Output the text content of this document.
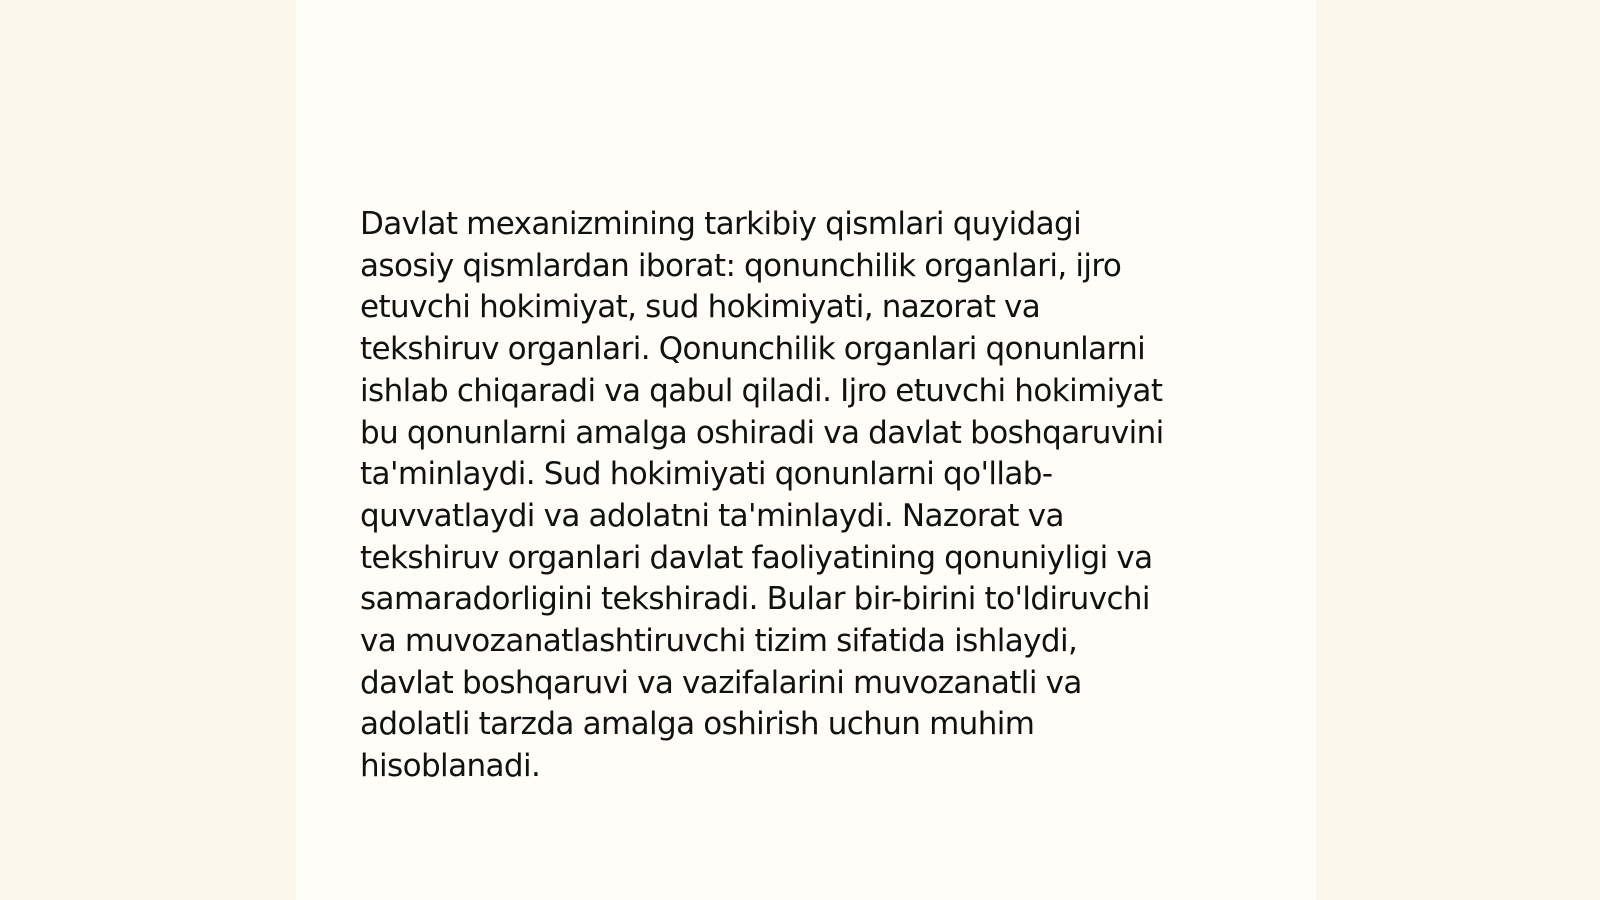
Davlat mexanizmining tarkibiy qismlari quyidagi
asosiy qismlardan iborat: qonunchilik organlari, ijro
etuvchi hokimiyat, sud hokimiyati, nazorat va
tekshiruv organlari. Qonunchilik organlari qonunlarni
ishlab chiqaradi va qabul qiladi. Ijro etuvchi hokimiyat
bu qonunlarni amalga oshiradi va davlat boshqaruvini
ta'minlaydi. Sud hokimiyati qonunlarni qo'llab-
quvvatlaydi va adolatni ta'minlaydi. Nazorat va
tekshiruv organlari davlat faoliyatining qonuniyligi va
samaradorligini tekshiradi. Bular bir-birini to'ldiruvchi
va muvozanatlashtiruvchi tizim sifatida ishlaydi,
davlat boshqaruvi va vazifalarini muvozanatli va
adolatli tarzda amalga oshirish uchun muhim
hisoblanadi.
